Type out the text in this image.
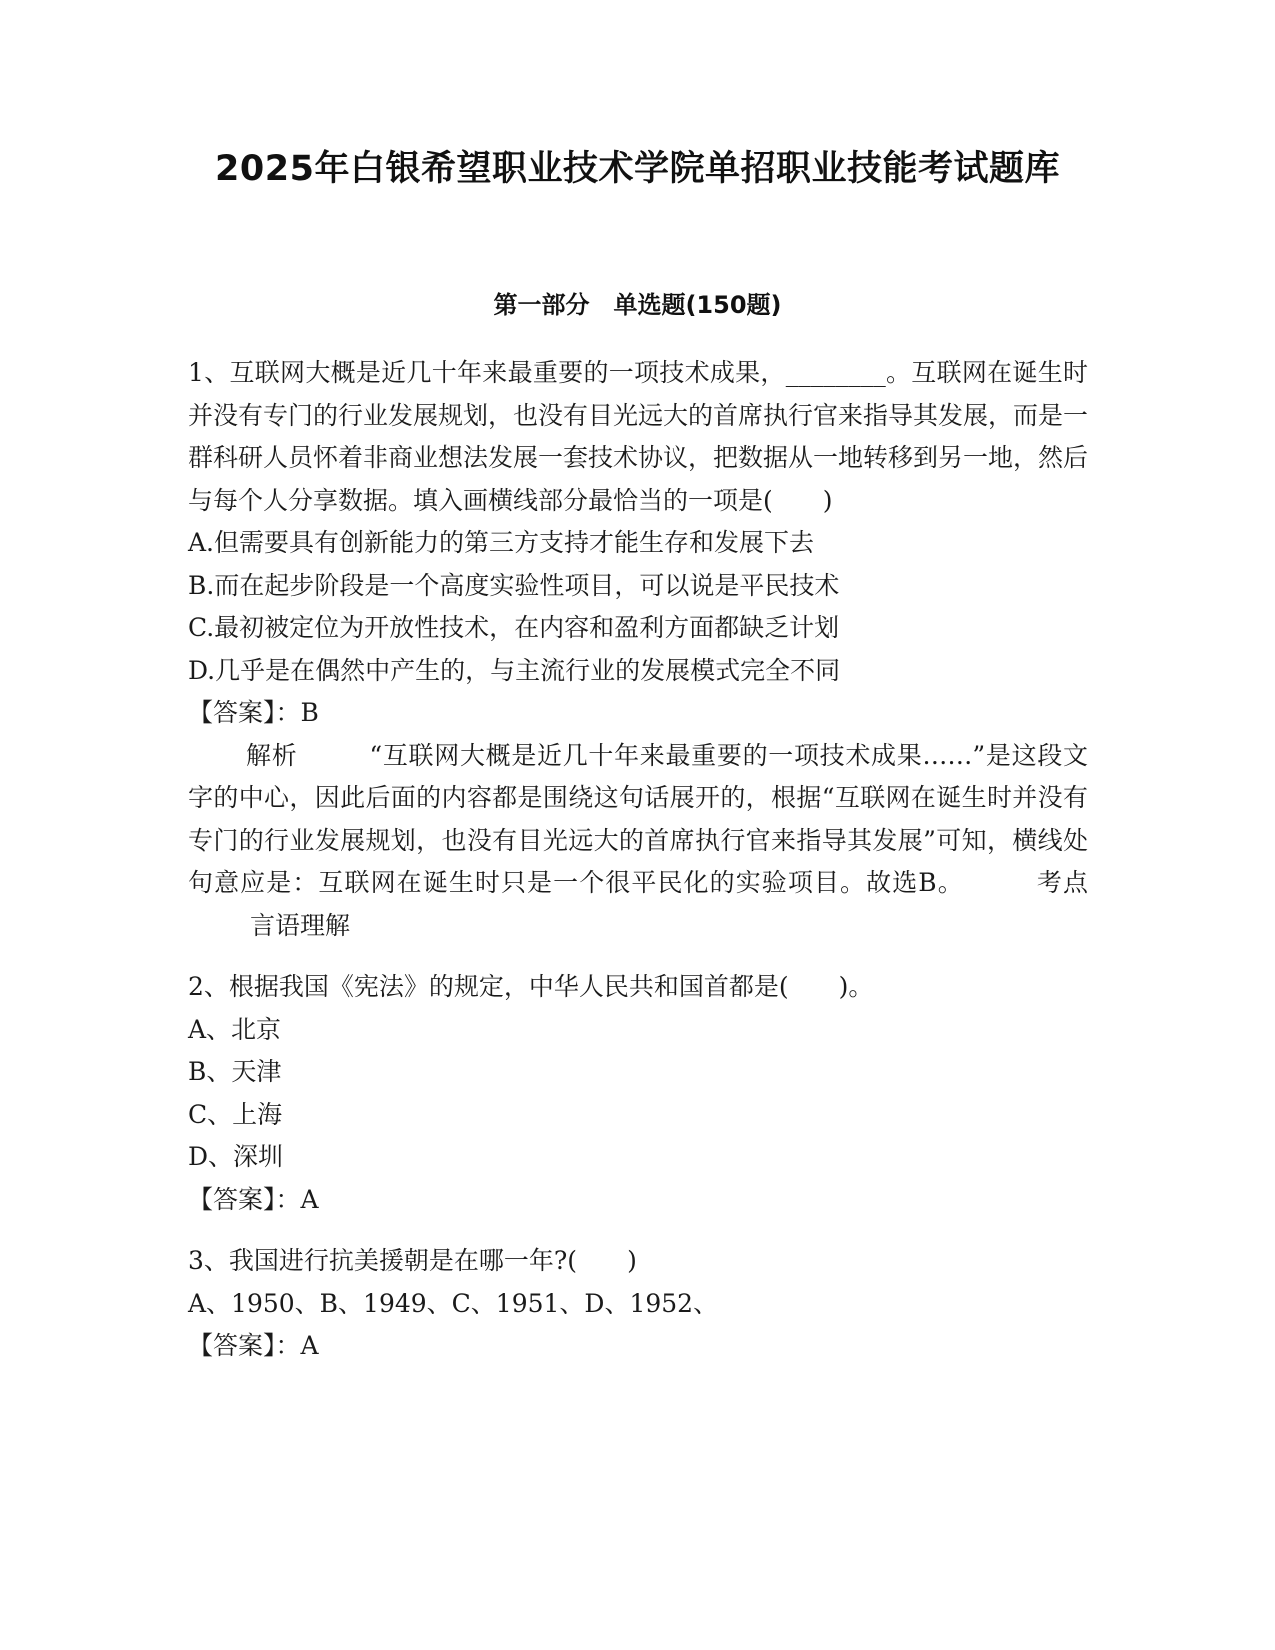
2025年白银希望职业技术学院单招职业技能考试题库
第一部分　单选题(150题)

1、互联网大概是近几十年来最重要的一项技术成果，________。互联网在诞生时并没有专门的行业发展规划，也没有目光远大的首席执行官来指导其发展，而是一群科研人员怀着非商业想法发展一套技术协议，把数据从一地转移到另一地，然后与每个人分享数据。填入画横线部分最恰当的一项是(　　)

A.但需要具有创新能力的第三方支持才能生存和发展下去

B.而在起步阶段是一个高度实验性项目，可以说是平民技术

C.最初被定位为开放性技术，在内容和盈利方面都缺乏计划

D.几乎是在偶然中产生的，与主流行业的发展模式完全不同

【答案】：B

解析	“互联网大概是近几十年来最重要的一项技术成果……”是这段文字的中心，因此后面的内容都是围绕这句话展开的，根据“互联网在诞生时并没有专门的行业发展规划，也没有目光远大的首席执行官来指导其发展”可知，横线处句意应是：互联网在诞生时只是一个很平民化的实验项目。故选B。	考点言语理解

2、根据我国《宪法》的规定，中华人民共和国首都是(　　)。

A、北京

B、天津

C、上海

D、深圳

【答案】：A

3、我国进行抗美援朝是在哪一年?(　　)

A、1950、B、1949、C、1951、D、1952、

【答案】：A
